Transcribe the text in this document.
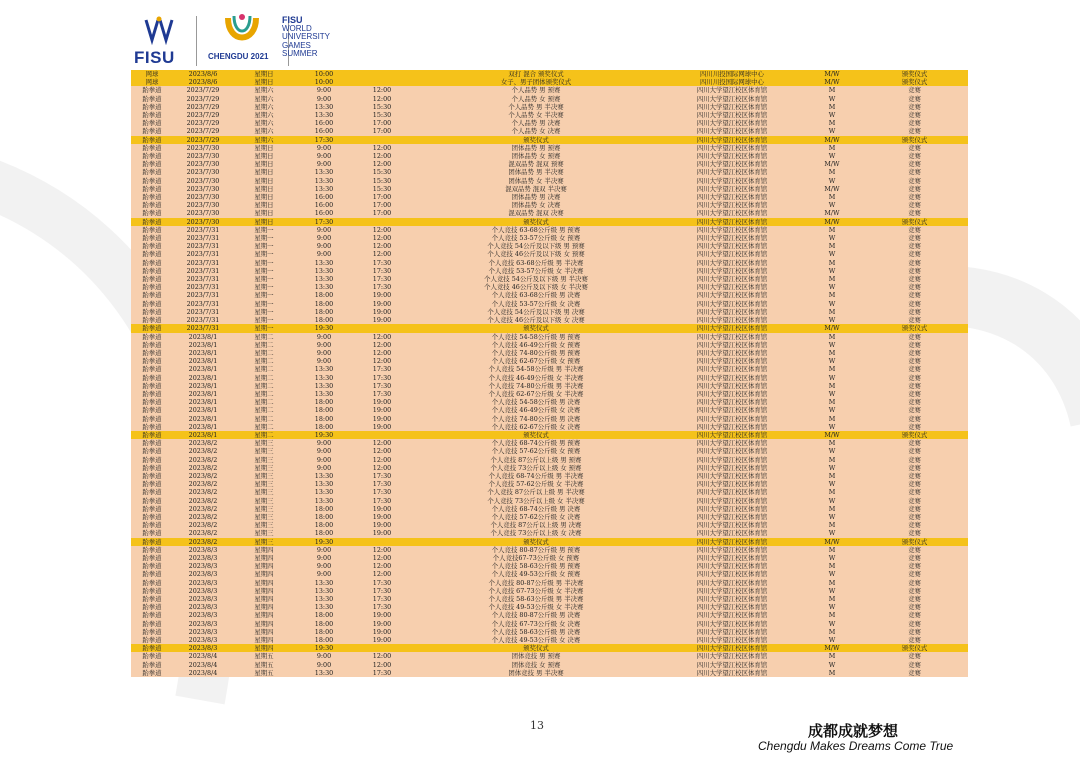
FISU	CHENGDU 2021
FISU
WORLD
UNIVERSITY
GAMES
SUMMER
网球	2023/8/6	星期日	10:00		双打 混合 颁奖仪式	四川川投国际网球中心	M/W	颁奖仪式
网球	2023/8/6	星期日	10:00		女子、男子团体颁奖仪式	四川川投国际网球中心	M/W	颁奖仪式
跆拳道	2023/7/29	星期六	9:00	12:00	个人品势 男 预赛	四川大学望江校区体育馆	M	竞赛
跆拳道	2023/7/29	星期六	9:00	12:00	个人品势 女 预赛	四川大学望江校区体育馆	W	竞赛
跆拳道	2023/7/29	星期六	13:30	15:30	个人品势 男 半决赛	四川大学望江校区体育馆	M	竞赛
跆拳道	2023/7/29	星期六	13:30	15:30	个人品势 女 半决赛	四川大学望江校区体育馆	W	竞赛
跆拳道	2023/7/29	星期六	16:00	17:00	个人品势 男 决赛	四川大学望江校区体育馆	M	竞赛
跆拳道	2023/7/29	星期六	16:00	17:00	个人品势 女 决赛	四川大学望江校区体育馆	W	竞赛
跆拳道	2023/7/29	星期六	17:30		颁奖仪式	四川大学望江校区体育馆	M/W	颁奖仪式
跆拳道	2023/7/30	星期日	9:00	12:00	团体品势 男 预赛	四川大学望江校区体育馆	M	竞赛
跆拳道	2023/7/30	星期日	9:00	12:00	团体品势 女 预赛	四川大学望江校区体育馆	W	竞赛
跆拳道	2023/7/30	星期日	9:00	12:00	混双品势 混双 预赛	四川大学望江校区体育馆	M/W	竞赛
跆拳道	2023/7/30	星期日	13:30	15:30	团体品势 男 半决赛	四川大学望江校区体育馆	M	竞赛
跆拳道	2023/7/30	星期日	13:30	15:30	团体品势 女 半决赛	四川大学望江校区体育馆	W	竞赛
跆拳道	2023/7/30	星期日	13:30	15:30	混双品势 混双 半决赛	四川大学望江校区体育馆	M/W	竞赛
跆拳道	2023/7/30	星期日	16:00	17:00	团体品势 男 决赛	四川大学望江校区体育馆	M	竞赛
跆拳道	2023/7/30	星期日	16:00	17:00	团体品势 女 决赛	四川大学望江校区体育馆	W	竞赛
跆拳道	2023/7/30	星期日	16:00	17:00	混双品势 混双 决赛	四川大学望江校区体育馆	M/W	竞赛
跆拳道	2023/7/30	星期日	17:30		颁奖仪式	四川大学望江校区体育馆	M/W	颁奖仪式
跆拳道	2023/7/31	星期一	9:00	12:00	个人竞技 63-68公斤级 男 预赛	四川大学望江校区体育馆	M	竞赛
跆拳道	2023/7/31	星期一	9:00	12:00	个人竞技 53-57公斤级 女 预赛	四川大学望江校区体育馆	W	竞赛
跆拳道	2023/7/31	星期一	9:00	12:00	个人竞技 54公斤及以下级 男 预赛	四川大学望江校区体育馆	M	竞赛
跆拳道	2023/7/31	星期一	9:00	12:00	个人竞技 46公斤及以下级 女 预赛	四川大学望江校区体育馆	W	竞赛
跆拳道	2023/7/31	星期一	13:30	17:30	个人竞技 63-68公斤级 男 半决赛	四川大学望江校区体育馆	M	竞赛
跆拳道	2023/7/31	星期一	13:30	17:30	个人竞技 53-57公斤级 女 半决赛	四川大学望江校区体育馆	W	竞赛
跆拳道	2023/7/31	星期一	13:30	17:30	个人竞技 54公斤及以下级 男 半决赛	四川大学望江校区体育馆	M	竞赛
跆拳道	2023/7/31	星期一	13:30	17:30	个人竞技 46公斤及以下级 女 半决赛	四川大学望江校区体育馆	W	竞赛
跆拳道	2023/7/31	星期一	18:00	19:00	个人竞技 63-68公斤级 男 决赛	四川大学望江校区体育馆	M	竞赛
跆拳道	2023/7/31	星期一	18:00	19:00	个人竞技 53-57公斤级 女 决赛	四川大学望江校区体育馆	W	竞赛
跆拳道	2023/7/31	星期一	18:00	19:00	个人竞技 54公斤及以下级 男 决赛	四川大学望江校区体育馆	M	竞赛
跆拳道	2023/7/31	星期一	18:00	19:00	个人竞技 46公斤及以下级 女 决赛	四川大学望江校区体育馆	W	竞赛
跆拳道	2023/7/31	星期一	19:30		颁奖仪式	四川大学望江校区体育馆	M/W	颁奖仪式
跆拳道	2023/8/1	星期二	9:00	12:00	个人竞技 54-58公斤级 男 预赛	四川大学望江校区体育馆	M	竞赛
跆拳道	2023/8/1	星期二	9:00	12:00	个人竞技 46-49公斤级 女 预赛	四川大学望江校区体育馆	W	竞赛
跆拳道	2023/8/1	星期二	9:00	12:00	个人竞技 74-80公斤级 男 预赛	四川大学望江校区体育馆	M	竞赛
跆拳道	2023/8/1	星期二	9:00	12:00	个人竞技 62-67公斤级 女 预赛	四川大学望江校区体育馆	W	竞赛
跆拳道	2023/8/1	星期二	13:30	17:30	个人竞技 54-58公斤级 男 半决赛	四川大学望江校区体育馆	M	竞赛
跆拳道	2023/8/1	星期二	13:30	17:30	个人竞技 46-49公斤级 女 半决赛	四川大学望江校区体育馆	W	竞赛
跆拳道	2023/8/1	星期二	13:30	17:30	个人竞技 74-80公斤级 男 半决赛	四川大学望江校区体育馆	M	竞赛
跆拳道	2023/8/1	星期二	13:30	17:30	个人竞技 62-67公斤级 女 半决赛	四川大学望江校区体育馆	W	竞赛
跆拳道	2023/8/1	星期二	18:00	19:00	个人竞技 54-58公斤级 男 决赛	四川大学望江校区体育馆	M	竞赛
跆拳道	2023/8/1	星期二	18:00	19:00	个人竞技 46-49公斤级 女 决赛	四川大学望江校区体育馆	W	竞赛
跆拳道	2023/8/1	星期二	18:00	19:00	个人竞技 74-80公斤级 男 决赛	四川大学望江校区体育馆	M	竞赛
跆拳道	2023/8/1	星期二	18:00	19:00	个人竞技 62-67公斤级 女 决赛	四川大学望江校区体育馆	W	竞赛
跆拳道	2023/8/1	星期二	19:30		颁奖仪式	四川大学望江校区体育馆	M/W	颁奖仪式
跆拳道	2023/8/2	星期三	9:00	12:00	个人竞技 68-74公斤级 男 预赛	四川大学望江校区体育馆	M	竞赛
跆拳道	2023/8/2	星期三	9:00	12:00	个人竞技 57-62公斤级 女 预赛	四川大学望江校区体育馆	W	竞赛
跆拳道	2023/8/2	星期三	9:00	12:00	个人竞技 87公斤以上级 男 预赛	四川大学望江校区体育馆	M	竞赛
跆拳道	2023/8/2	星期三	9:00	12:00	个人竞技 73公斤以上级 女 预赛	四川大学望江校区体育馆	W	竞赛
跆拳道	2023/8/2	星期三	13:30	17:30	个人竞技 68-74公斤级 男 半决赛	四川大学望江校区体育馆	M	竞赛
跆拳道	2023/8/2	星期三	13:30	17:30	个人竞技 57-62公斤级 女 半决赛	四川大学望江校区体育馆	W	竞赛
跆拳道	2023/8/2	星期三	13:30	17:30	个人竞技 87公斤以上级 男 半决赛	四川大学望江校区体育馆	M	竞赛
跆拳道	2023/8/2	星期三	13:30	17:30	个人竞技 73公斤以上级 女 半决赛	四川大学望江校区体育馆	W	竞赛
跆拳道	2023/8/2	星期三	18:00	19:00	个人竞技 68-74公斤级 男 决赛	四川大学望江校区体育馆	M	竞赛
跆拳道	2023/8/2	星期三	18:00	19:00	个人竞技 57-62公斤级 女 决赛	四川大学望江校区体育馆	W	竞赛
跆拳道	2023/8/2	星期三	18:00	19:00	个人竞技 87公斤以上级 男 决赛	四川大学望江校区体育馆	M	竞赛
跆拳道	2023/8/2	星期三	18:00	19:00	个人竞技 73公斤以上级 女 决赛	四川大学望江校区体育馆	W	竞赛
跆拳道	2023/8/2	星期三	19:30		颁奖仪式	四川大学望江校区体育馆	M/W	颁奖仪式
跆拳道	2023/8/3	星期四	9:00	12:00	个人竞技 80-87公斤级 男 预赛	四川大学望江校区体育馆	M	竞赛
跆拳道	2023/8/3	星期四	9:00	12:00	个人竞技67-73公斤级 女 预赛	四川大学望江校区体育馆	W	竞赛
跆拳道	2023/8/3	星期四	9:00	12:00	个人竞技 58-63公斤级 男 预赛	四川大学望江校区体育馆	M	竞赛
跆拳道	2023/8/3	星期四	9:00	12:00	个人竞技 49-53公斤级 女 预赛	四川大学望江校区体育馆	W	竞赛
跆拳道	2023/8/3	星期四	13:30	17:30	个人竞技 80-87公斤级 男 半决赛	四川大学望江校区体育馆	M	竞赛
跆拳道	2023/8/3	星期四	13:30	17:30	个人竞技 67-73公斤级 女 半决赛	四川大学望江校区体育馆	W	竞赛
跆拳道	2023/8/3	星期四	13:30	17:30	个人竞技 58-63公斤级 男 半决赛	四川大学望江校区体育馆	M	竞赛
跆拳道	2023/8/3	星期四	13:30	17:30	个人竞技 49-53公斤级 女 半决赛	四川大学望江校区体育馆	W	竞赛
跆拳道	2023/8/3	星期四	18:00	19:00	个人竞技 80-87公斤级 男 决赛	四川大学望江校区体育馆	M	竞赛
跆拳道	2023/8/3	星期四	18:00	19:00	个人竞技 67-73公斤级 女 决赛	四川大学望江校区体育馆	W	竞赛
跆拳道	2023/8/3	星期四	18:00	19:00	个人竞技 58-63公斤级 男 决赛	四川大学望江校区体育馆	M	竞赛
跆拳道	2023/8/3	星期四	18:00	19:00	个人竞技 49-53公斤级 女 决赛	四川大学望江校区体育馆	W	竞赛
跆拳道	2023/8/3	星期四	19:30		颁奖仪式	四川大学望江校区体育馆	M/W	颁奖仪式
跆拳道	2023/8/4	星期五	9:00	12:00	团体竞技 男 预赛	四川大学望江校区体育馆	M	竞赛
跆拳道	2023/8/4	星期五	9:00	12:00	团体竞技 女 预赛	四川大学望江校区体育馆	W	竞赛
跆拳道	2023/8/4	星期五	13:30	17:30	团体竞技 男 半决赛	四川大学望江校区体育馆	M	竞赛
13	成都成就梦想
Chengdu Makes Dreams Come True
